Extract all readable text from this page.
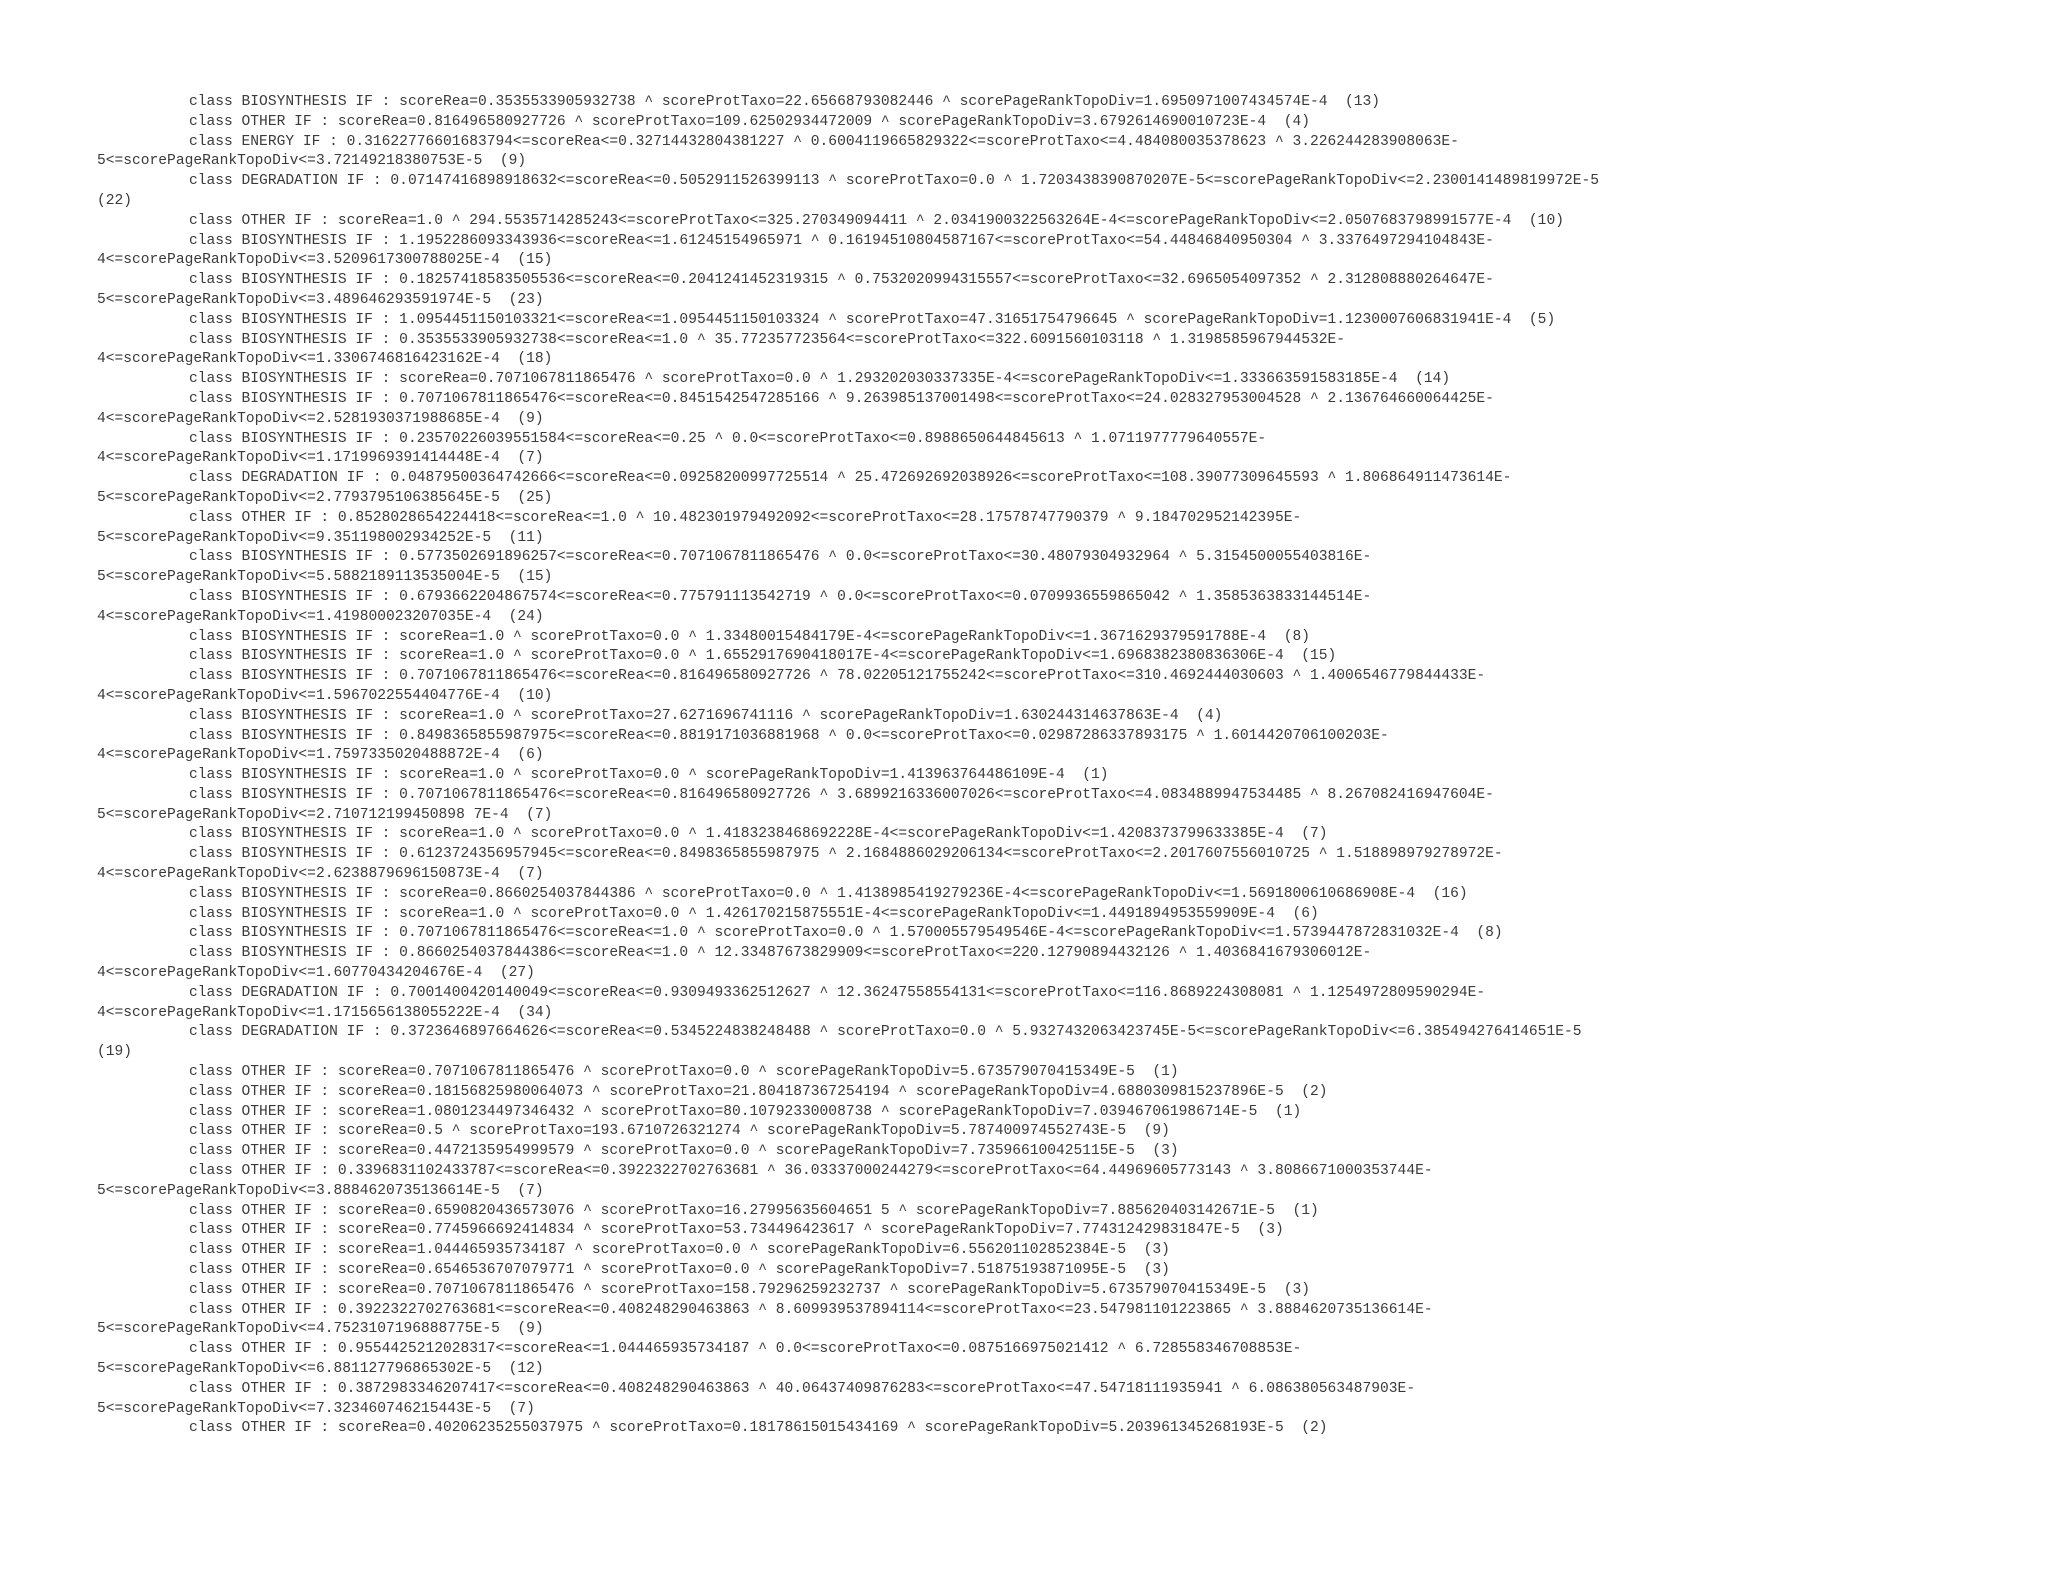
class BIOSYNTHESIS IF : scoreRea=0.3535533905932738 ^ scoreProtTaxo=22.65668793082446 ^ scorePageRankTopoDiv=1.6950971007434574E-4  (13)
class OTHER IF : scoreRea=0.816496580927726 ^ scoreProtTaxo=109.62502934472009 ^ scorePageRankTopoDiv=3.6792614690010723E-4  (4)
class ENERGY IF : 0.31622776601683794<=scoreRea<=0.32714432804381227 ^ 0.6004119665829322<=scoreProtTaxo<=4.484080035378623 ^ 3.226244283908063E-
5<=scorePageRankTopoDiv<=3.72149218380753E-5  (9)
class DEGRADATION IF : 0.07147416898918632<=scoreRea<=0.5052911526399113 ^ scoreProtTaxo=0.0 ^ 1.7203438390870207E-5<=scorePageRankTopoDiv<=2.2300141489819972E-5
(22)
class OTHER IF : scoreRea=1.0 ^ 294.5535714285243<=scoreProtTaxo<=325.270349094411 ^ 2.0341900322563264E-4<=scorePageRankTopoDiv<=2.0507683798991577E-4  (10)
class BIOSYNTHESIS IF : 1.1952286093343936<=scoreRea<=1.61245154965971 ^ 0.16194510804587167<=scoreProtTaxo<=54.44846840950304 ^ 3.3376497294104843E-
4<=scorePageRankTopoDiv<=3.5209617300788025E-4  (15)
class BIOSYNTHESIS IF : 0.18257418583505536<=scoreRea<=0.2041241452319315 ^ 0.7532020994315557<=scoreProtTaxo<=32.6965054097352 ^ 2.312808880264647E-
5<=scorePageRankTopoDiv<=3.489646293591974E-5  (23)
class BIOSYNTHESIS IF : 1.0954451150103321<=scoreRea<=1.0954451150103324 ^ scoreProtTaxo=47.31651754796645 ^ scorePageRankTopoDiv=1.1230007606831941E-4  (5)
class BIOSYNTHESIS IF : 0.3535533905932738<=scoreRea<=1.0 ^ 35.772357723564<=scoreProtTaxo<=322.6091560103118 ^ 1.3198585967944532E-
4<=scorePageRankTopoDiv<=1.3306746816423162E-4  (18)
class BIOSYNTHESIS IF : scoreRea=0.7071067811865476 ^ scoreProtTaxo=0.0 ^ 1.293202030337335E-4<=scorePageRankTopoDiv<=1.333663591583185E-4  (14)
class BIOSYNTHESIS IF : 0.7071067811865476<=scoreRea<=0.8451542547285166 ^ 9.263985137001498<=scoreProtTaxo<=24.028327953004528 ^ 2.136764660064425E-
4<=scorePageRankTopoDiv<=2.5281930371988685E-4  (9)
class BIOSYNTHESIS IF : 0.23570226039551584<=scoreRea<=0.25 ^ 0.0<=scoreProtTaxo<=0.8988650644845613 ^ 1.0711977779640557E-
4<=scorePageRankTopoDiv<=1.1719969391414448E-4  (7)
class DEGRADATION IF : 0.04879500364742666<=scoreRea<=0.09258200997725514 ^ 25.472692692038926<=scoreProtTaxo<=108.39077309645593 ^ 1.806864911473614E-
5<=scorePageRankTopoDiv<=2.7793795106385645E-5  (25)
class OTHER IF : 0.8528028654224418<=scoreRea<=1.0 ^ 10.482301979492092<=scoreProtTaxo<=28.17578747790379 ^ 9.184702952142395E-
5<=scorePageRankTopoDiv<=9.351198002934252E-5  (11)
class BIOSYNTHESIS IF : 0.5773502691896257<=scoreRea<=0.7071067811865476 ^ 0.0<=scoreProtTaxo<=30.48079304932964 ^ 5.3154500055403816E-
5<=scorePageRankTopoDiv<=5.5882189113535004E-5  (15)
class BIOSYNTHESIS IF : 0.6793662204867574<=scoreRea<=0.775791113542719 ^ 0.0<=scoreProtTaxo<=0.0709936559865042 ^ 1.3585363833144514E-
4<=scorePageRankTopoDiv<=1.419800023207035E-4  (24)
class BIOSYNTHESIS IF : scoreRea=1.0 ^ scoreProtTaxo=0.0 ^ 1.33480015484179E-4<=scorePageRankTopoDiv<=1.3671629379591788E-4  (8)
class BIOSYNTHESIS IF : scoreRea=1.0 ^ scoreProtTaxo=0.0 ^ 1.6552917690418017E-4<=scorePageRankTopoDiv<=1.6968382380836306E-4  (15)
class BIOSYNTHESIS IF : 0.7071067811865476<=scoreRea<=0.816496580927726 ^ 78.02205121755242<=scoreProtTaxo<=310.4692444030603 ^ 1.4006546779844433E-
4<=scorePageRankTopoDiv<=1.5967022554404776E-4  (10)
class BIOSYNTHESIS IF : scoreRea=1.0 ^ scoreProtTaxo=27.6271696741116 ^ scorePageRankTopoDiv=1.630244314637863E-4  (4)
class BIOSYNTHESIS IF : 0.8498365855987975<=scoreRea<=0.8819171036881968 ^ 0.0<=scoreProtTaxo<=0.02987286337893175 ^ 1.6014420706100203E-
4<=scorePageRankTopoDiv<=1.7597335020488872E-4  (6)
class BIOSYNTHESIS IF : scoreRea=1.0 ^ scoreProtTaxo=0.0 ^ scorePageRankTopoDiv=1.413963764486109E-4  (1)
class BIOSYNTHESIS IF : 0.7071067811865476<=scoreRea<=0.816496580927726 ^ 3.6899216336007026<=scoreProtTaxo<=4.0834889947534485 ^ 8.267082416947604E-
5<=scorePageRankTopoDiv<=2.710712199450898 7E-4  (7)
class BIOSYNTHESIS IF : scoreRea=1.0 ^ scoreProtTaxo=0.0 ^ 1.4183238468692228E-4<=scorePageRankTopoDiv<=1.4208373799633385E-4  (7)
class BIOSYNTHESIS IF : 0.6123724356957945<=scoreRea<=0.8498365855987975 ^ 2.1684886029206134<=scoreProtTaxo<=2.2017607556010725 ^ 1.518898979278972E-
4<=scorePageRankTopoDiv<=2.6238879696150873E-4  (7)
class BIOSYNTHESIS IF : scoreRea=0.8660254037844386 ^ scoreProtTaxo=0.0 ^ 1.4138985419279236E-4<=scorePageRankTopoDiv<=1.5691800610686908E-4  (16)
class BIOSYNTHESIS IF : scoreRea=1.0 ^ scoreProtTaxo=0.0 ^ 1.426170215875551E-4<=scorePageRankTopoDiv<=1.4491894953559909E-4  (6)
class BIOSYNTHESIS IF : 0.7071067811865476<=scoreRea<=1.0 ^ scoreProtTaxo=0.0 ^ 1.570005579549546E-4<=scorePageRankTopoDiv<=1.5739447872831032E-4  (8)
class BIOSYNTHESIS IF : 0.8660254037844386<=scoreRea<=1.0 ^ 12.33487673829909<=scoreProtTaxo<=220.12790894432126 ^ 1.4036841679306012E-
4<=scorePageRankTopoDiv<=1.60770434204676E-4  (27)
class DEGRADATION IF : 0.7001400420140049<=scoreRea<=0.9309493362512627 ^ 12.36247558554131<=scoreProtTaxo<=116.8689224308081 ^ 1.1254972809590294E-
4<=scorePageRankTopoDiv<=1.1715656138055222E-4  (34)
class DEGRADATION IF : 0.3723646897664626<=scoreRea<=0.5345224838248488 ^ scoreProtTaxo=0.0 ^ 5.9327432063423745E-5<=scorePageRankTopoDiv<=6.385494276414651E-5
(19)
class OTHER IF : scoreRea=0.7071067811865476 ^ scoreProtTaxo=0.0 ^ scorePageRankTopoDiv=5.673579070415349E-5  (1)
class OTHER IF : scoreRea=0.18156825980064073 ^ scoreProtTaxo=21.804187367254194 ^ scorePageRankTopoDiv=4.6880309815237896E-5  (2)
class OTHER IF : scoreRea=1.0801234497346432 ^ scoreProtTaxo=80.10792330008738 ^ scorePageRankTopoDiv=7.039467061986714E-5  (1)
class OTHER IF : scoreRea=0.5 ^ scoreProtTaxo=193.6710726321274 ^ scorePageRankTopoDiv=5.787400974552743E-5  (9)
class OTHER IF : scoreRea=0.4472135954999579 ^ scoreProtTaxo=0.0 ^ scorePageRankTopoDiv=7.735966100425115E-5  (3)
class OTHER IF : 0.3396831102433787<=scoreRea<=0.3922322702763681 ^ 36.03337000244279<=scoreProtTaxo<=64.44969605773143 ^ 3.8086671000353744E-
5<=scorePageRankTopoDiv<=3.8884620735136614E-5  (7)
class OTHER IF : scoreRea=0.6590820436573076 ^ scoreProtTaxo=16.27995635604651 5 ^ scorePageRankTopoDiv=7.885620403142671E-5  (1)
class OTHER IF : scoreRea=0.7745966692414834 ^ scoreProtTaxo=53.734496423617 ^ scorePageRankTopoDiv=7.774312429831847E-5  (3)
class OTHER IF : scoreRea=1.044465935734187 ^ scoreProtTaxo=0.0 ^ scorePageRankTopoDiv=6.556201102852384E-5  (3)
class OTHER IF : scoreRea=0.6546536707079771 ^ scoreProtTaxo=0.0 ^ scorePageRankTopoDiv=7.51875193871095E-5  (3)
class OTHER IF : scoreRea=0.7071067811865476 ^ scoreProtTaxo=158.79296259232737 ^ scorePageRankTopoDiv=5.673579070415349E-5  (3)
class OTHER IF : 0.3922322702763681<=scoreRea<=0.408248290463863 ^ 8.609939537894114<=scoreProtTaxo<=23.547981101223865 ^ 3.8884620735136614E-
5<=scorePageRankTopoDiv<=4.7523107196888775E-5  (9)
class OTHER IF : 0.9554425212028317<=scoreRea<=1.044465935734187 ^ 0.0<=scoreProtTaxo<=0.0875166975021412 ^ 6.728558346708853E-
5<=scorePageRankTopoDiv<=6.881127796865302E-5  (12)
class OTHER IF : 0.3872983346207417<=scoreRea<=0.408248290463863 ^ 40.06437409876283<=scoreProtTaxo<=47.54718111935941 ^ 6.086380563487903E-
5<=scorePageRankTopoDiv<=7.323460746215443E-5  (7)
class OTHER IF : scoreRea=0.40206235255037975 ^ scoreProtTaxo=0.18178615015434169 ^ scorePageRankTopoDiv=5.203961345268193E-5  (2)
